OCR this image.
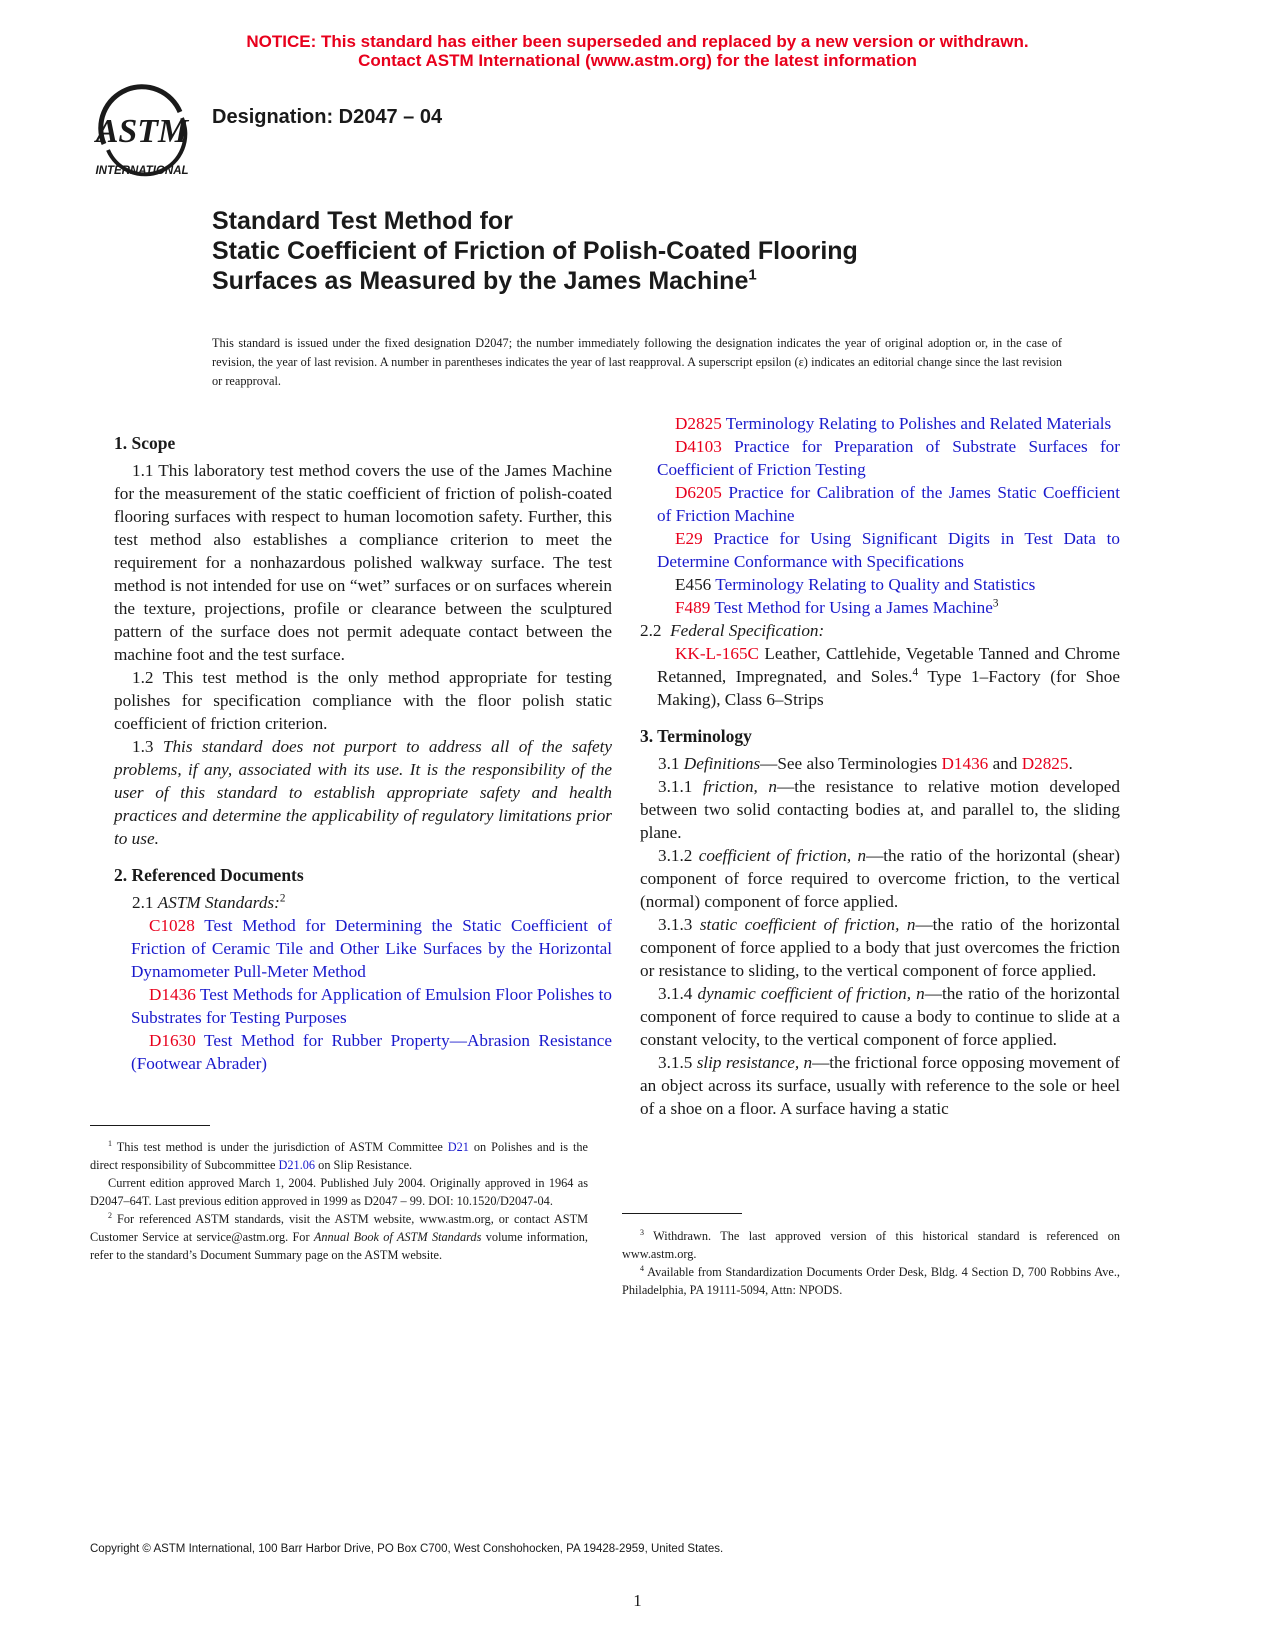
NOTICE: This standard has either been superseded and replaced by a new version or withdrawn.
Contact ASTM International (www.astm.org) for the latest information
ASTM
INTERNATIONAL
Designation: D2047 – 04
Standard Test Method for
Static Coefficient of Friction of Polish-Coated Flooring
Surfaces as Measured by the James Machine$^1$
This standard is issued under the fixed designation D2047; the number immediately following the designation indicates the year of original adoption or, in the case of revision, the year of last revision. A number in parentheses indicates the year of last reapproval. A superscript epsilon (ε) indicates an editorial change since the last revision or reapproval.
1. Scope

1.1 This laboratory test method covers the use of the James Machine for the measurement of the static coefficient of friction of polish-coated flooring surfaces with respect to human locomotion safety. Further, this test method also establishes a compliance criterion to meet the requirement for a nonhazardous polished walkway surface. The test method is not intended for use on “wet” surfaces or on surfaces wherein the texture, projections, profile or clearance between the sculptured pattern of the surface does not permit adequate contact between the machine foot and the test surface.

1.2 This test method is the only method appropriate for testing polishes for specification compliance with the floor polish static coefficient of friction criterion.

1.3 This standard does not purport to address all of the safety problems, if any, associated with its use. It is the responsibility of the user of this standard to establish appropriate safety and health practices and determine the applicability of regulatory limitations prior to use.

2. Referenced Documents

2.1 ASTM Standards:$^2$

C1028 Test Method for Determining the Static Coefficient of Friction of Ceramic Tile and Other Like Surfaces by the Horizontal Dynamometer Pull-Meter Method

D1436 Test Methods for Application of Emulsion Floor Polishes to Substrates for Testing Purposes

D1630 Test Method for Rubber Property—Abrasion Resistance (Footwear Abrader)

$^1$ This test method is under the jurisdiction of ASTM Committee D21 on Polishes and is the direct responsibility of Subcommittee D21.06 on Slip Resistance.

Current edition approved March 1, 2004. Published July 2004. Originally approved in 1964 as D2047–64T. Last previous edition approved in 1999 as D2047 – 99. DOI: 10.1520/D2047-04.

$^2$ For referenced ASTM standards, visit the ASTM website, www.astm.org, or contact ASTM Customer Service at service@astm.org. For Annual Book of ASTM Standards volume information, refer to the standard’s Document Summary page on the ASTM website.

D2825 Terminology Relating to Polishes and Related Materials

D4103 Practice for Preparation of Substrate Surfaces for Coefficient of Friction Testing

D6205 Practice for Calibration of the James Static Coefficient of Friction Machine

E29 Practice for Using Significant Digits in Test Data to Determine Conformance with Specifications

E456 Terminology Relating to Quality and Statistics

F489 Test Method for Using a James Machine$^3$

2.2 Federal Specification:

KK-L-165C Leather, Cattlehide, Vegetable Tanned and Chrome Retanned, Impregnated, and Soles.$^4$ Type 1–Factory (for Shoe Making), Class 6–Strips

3. Terminology

3.1 Definitions—See also Terminologies D1436 and D2825.

3.1.1 friction, n—the resistance to relative motion developed between two solid contacting bodies at, and parallel to, the sliding plane.

3.1.2 coefficient of friction, n—the ratio of the horizontal (shear) component of force required to overcome friction, to the vertical (normal) component of force applied.

3.1.3 static coefficient of friction, n—the ratio of the horizontal component of force applied to a body that just overcomes the friction or resistance to sliding, to the vertical component of force applied.

3.1.4 dynamic coefficient of friction, n—the ratio of the horizontal component of force required to cause a body to continue to slide at a constant velocity, to the vertical component of force applied.

3.1.5 slip resistance, n—the frictional force opposing movement of an object across its surface, usually with reference to the sole or heel of a shoe on a floor. A surface having a static

$^3$ Withdrawn. The last approved version of this historical standard is referenced on www.astm.org.

$^4$ Available from Standardization Documents Order Desk, Bldg. 4 Section D, 700 Robbins Ave., Philadelphia, PA 19111-5094, Attn: NPODS.

Copyright © ASTM International, 100 Barr Harbor Drive, PO Box C700, West Conshohocken, PA 19428-2959, United States.
1
